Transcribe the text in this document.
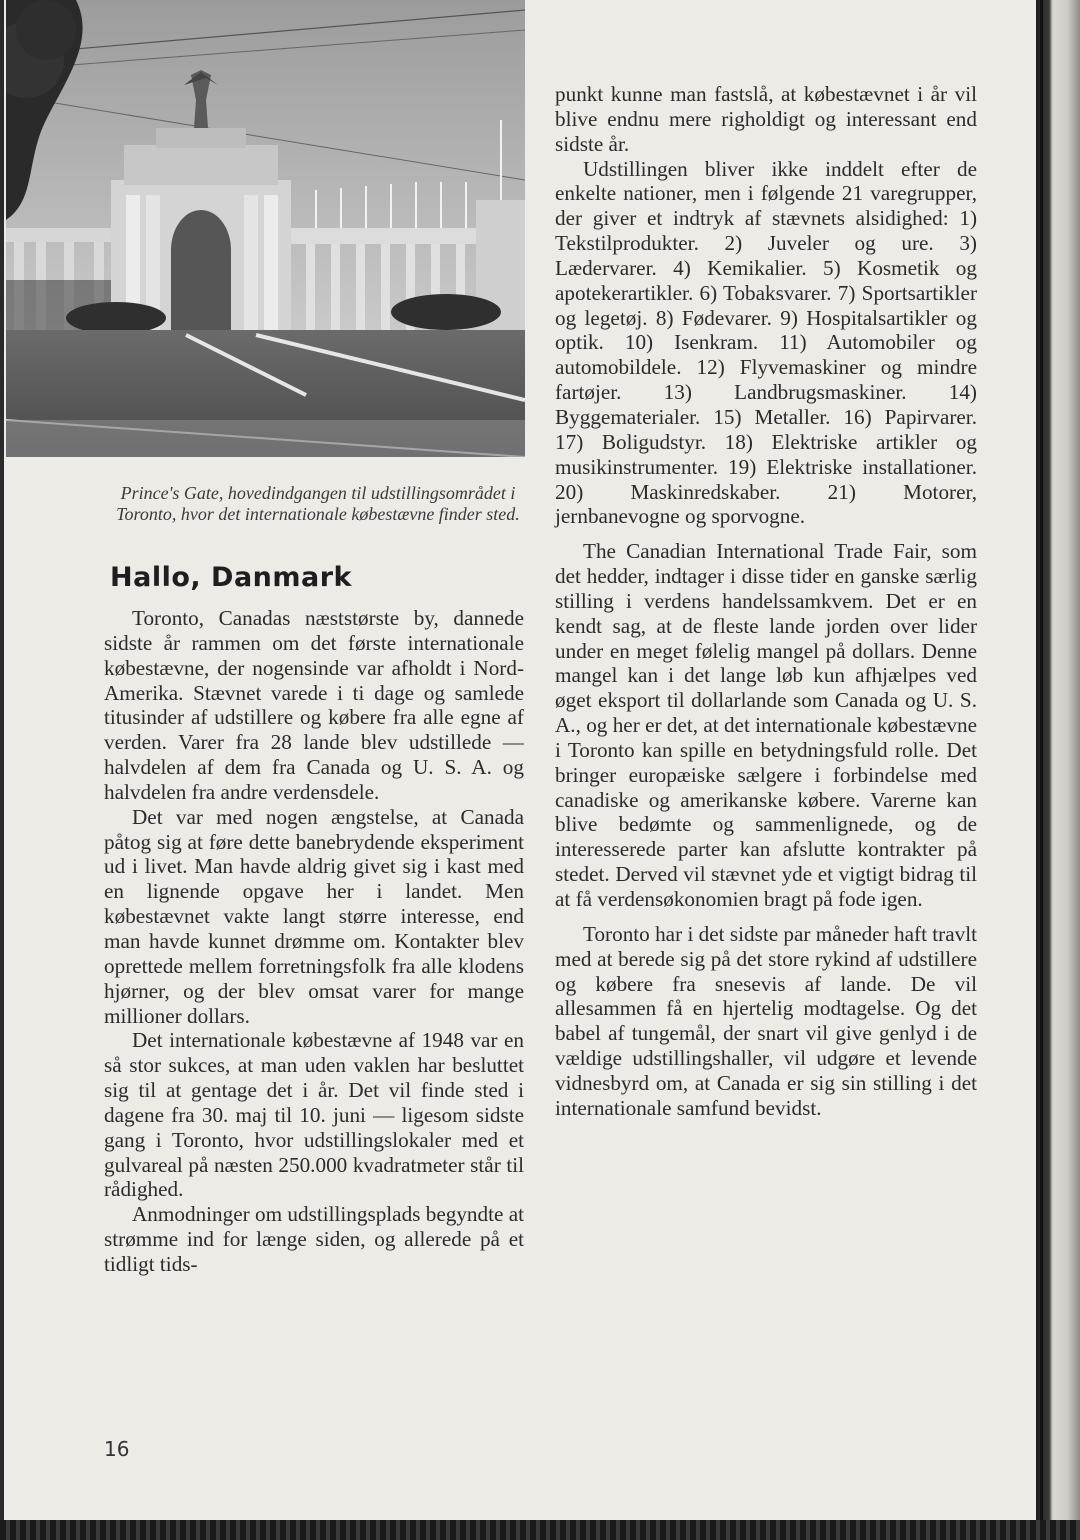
Prince's Gate, hovedindgangen til udstillingsområdet i Toronto, hvor det internationale købestævne finder sted.
Hallo, Danmark

Toronto, Canadas næststørste by, dannede sidste år rammen om det første internationale købestævne, der nogensinde var afholdt i Nord-Amerika. Stævnet varede i ti dage og samlede titusinder af udstillere og købere fra alle egne af verden. Varer fra 28 lande blev udstillede — halvdelen af dem fra Canada og U. S. A. og halvdelen fra andre verdensdele.

Det var med nogen ængstelse, at Canada påtog sig at føre dette banebrydende eksperiment ud i livet. Man havde aldrig givet sig i kast med en lignende opgave her i landet. Men købestævnet vakte langt større interesse, end man havde kunnet drømme om. Kontakter blev oprettede mellem forretningsfolk fra alle klodens hjørner, og der blev omsat varer for mange millioner dollars.

Det internationale købestævne af 1948 var en så stor sukces, at man uden vaklen har besluttet sig til at gentage det i år. Det vil finde sted i dagene fra 30. maj til 10. juni — ligesom sidste gang i Toronto, hvor udstillingslokaler med et gulvareal på næsten 250.000 kvadratmeter står til rådighed.

Anmodninger om udstillingsplads begyndte at strømme ind for længe siden, og allerede på et tidligt tids-

punkt kunne man fastslå, at købestævnet i år vil blive endnu mere righoldigt og interessant end sidste år.

Udstillingen bliver ikke inddelt efter de enkelte nationer, men i følgende 21 varegrupper, der giver et indtryk af stævnets alsidighed: 1) Tekstilprodukter. 2) Juveler og ure. 3) Lædervarer. 4) Kemikalier. 5) Kosmetik og apotekerartikler. 6) Tobaksvarer. 7) Sportsartikler og legetøj. 8) Fødevarer. 9) Hospitalsartikler og optik. 10) Isenkram. 11) Automobiler og automobildele. 12) Flyvemaskiner og mindre fartøjer. 13) Landbrugsmaskiner. 14) Byggematerialer. 15) Metaller. 16) Papirvarer. 17) Boligudstyr. 18) Elektriske artikler og musikinstrumenter. 19) Elektriske installationer. 20) Maskinredskaber. 21) Motorer, jernbanevogne og sporvogne.

The Canadian International Trade Fair, som det hedder, indtager i disse tider en ganske særlig stilling i verdens handelssamkvem. Det er en kendt sag, at de fleste lande jorden over lider under en meget følelig mangel på dollars. Denne mangel kan i det lange løb kun afhjælpes ved øget eksport til dollarlande som Canada og U. S. A., og her er det, at det internationale købestævne i Toronto kan spille en betydningsfuld rolle. Det bringer europæiske sælgere i forbindelse med canadiske og amerikanske købere. Varerne kan blive bedømte og sammenlignede, og de interesserede parter kan afslutte kontrakter på stedet. Derved vil stævnet yde et vigtigt bidrag til at få verdensøkonomien bragt på fode igen.

Toronto har i det sidste par måneder haft travlt med at berede sig på det store rykind af udstillere og købere fra snesevis af lande. De vil allesammen få en hjertelig modtagelse. Og det babel af tungemål, der snart vil give genlyd i de vældige udstillingshaller, vil udgøre et levende vidnesbyrd om, at Canada er sig sin stilling i det internationale samfund bevidst.

16
